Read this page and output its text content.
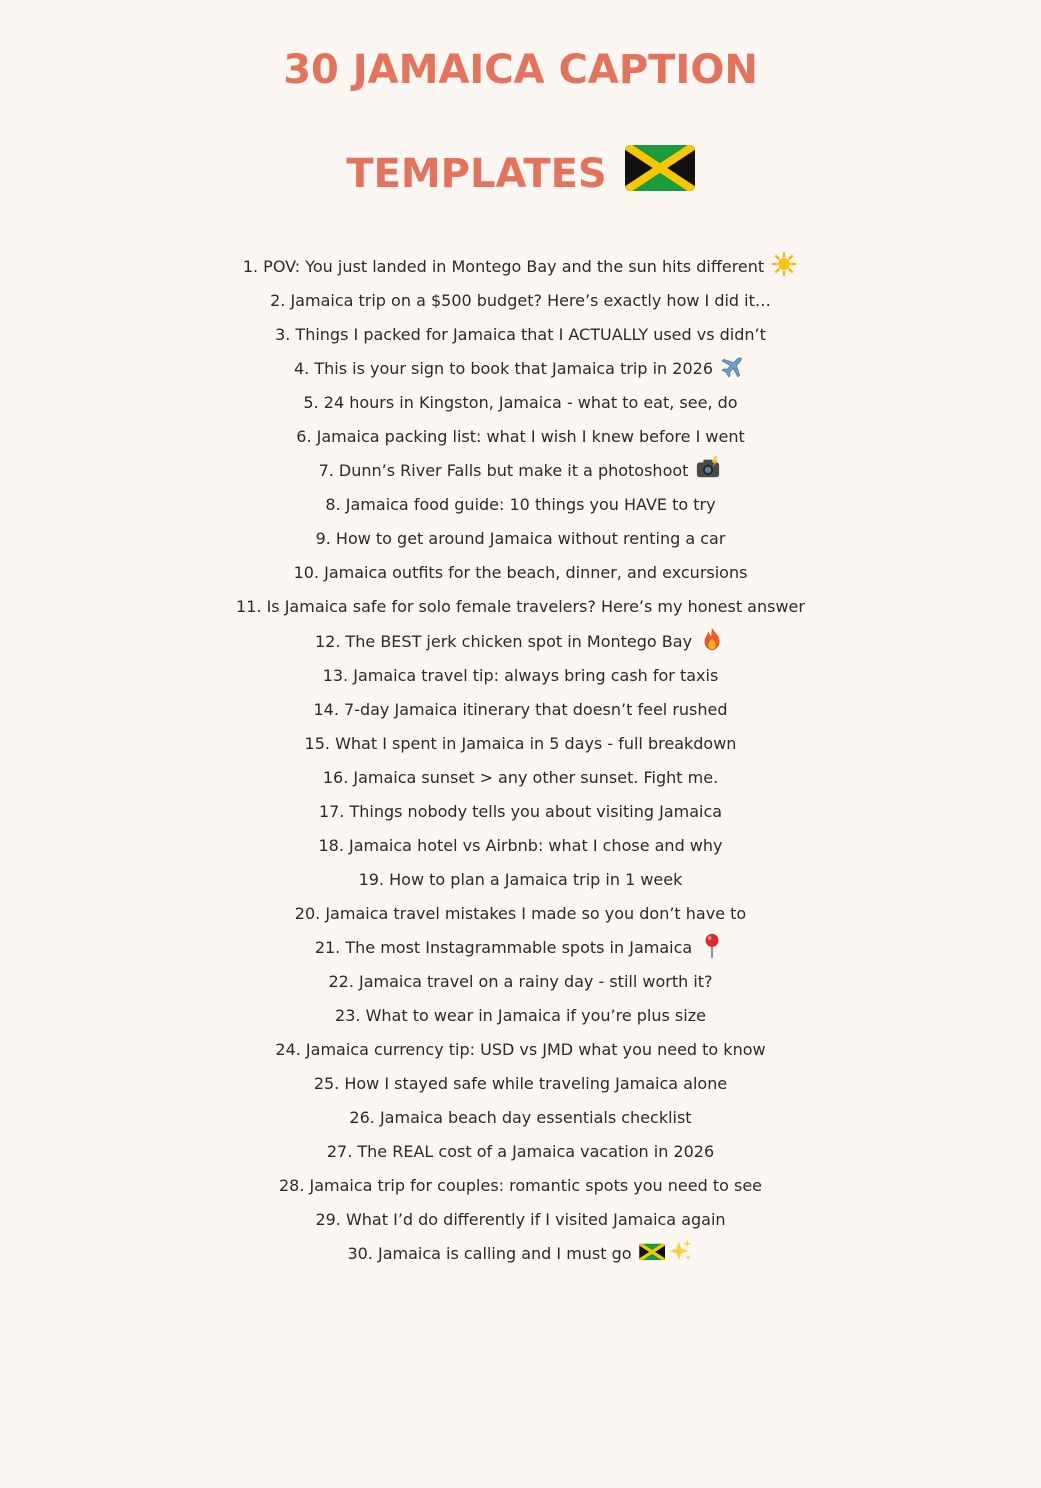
30 JAMAICA CAPTION
TEMPLATES
1. POV: You just landed in Montego Bay and the sun hits different
2. Jamaica trip on a $500 budget? Here’s exactly how I did it…
3. Things I packed for Jamaica that I ACTUALLY used vs didn’t
4. This is your sign to book that Jamaica trip in 2026
5. 24 hours in Kingston, Jamaica - what to eat, see, do
6. Jamaica packing list: what I wish I knew before I went
7. Dunn’s River Falls but make it a photoshoot
8. Jamaica food guide: 10 things you HAVE to try
9. How to get around Jamaica without renting a car
10. Jamaica outfits for the beach, dinner, and excursions
11. Is Jamaica safe for solo female travelers? Here’s my honest answer
12. The BEST jerk chicken spot in Montego Bay
13. Jamaica travel tip: always bring cash for taxis
14. 7-day Jamaica itinerary that doesn’t feel rushed
15. What I spent in Jamaica in 5 days - full breakdown
16. Jamaica sunset > any other sunset. Fight me.
17. Things nobody tells you about visiting Jamaica
18. Jamaica hotel vs Airbnb: what I chose and why
19. How to plan a Jamaica trip in 1 week
20. Jamaica travel mistakes I made so you don’t have to
21. The most Instagrammable spots in Jamaica
22. Jamaica travel on a rainy day - still worth it?
23. What to wear in Jamaica if you’re plus size
24. Jamaica currency tip: USD vs JMD what you need to know
25. How I stayed safe while traveling Jamaica alone
26. Jamaica beach day essentials checklist
27. The REAL cost of a Jamaica vacation in 2026
28. Jamaica trip for couples: romantic spots you need to see
29. What I’d do differently if I visited Jamaica again
30. Jamaica is calling and I must go
